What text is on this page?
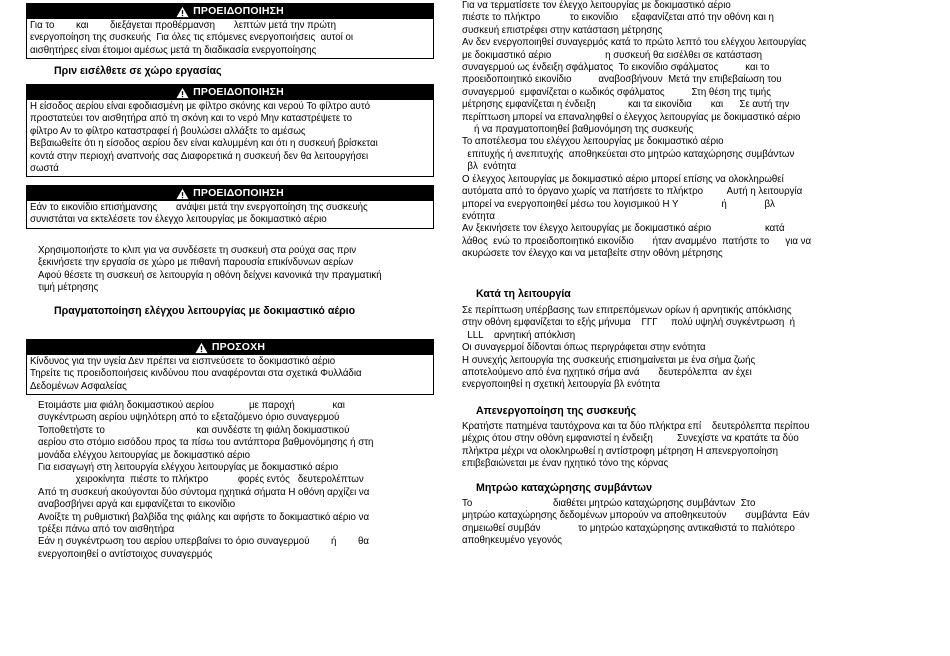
ΠΡΟΕΙΔΟΠΟΙΗΣΗ

Για το        και        διεξάγεται προθέρμανση       λεπτών μετά την πρώτη

ενεργοποίηση της συσκευής  Για όλες τις επόμενες ενεργοποιήσεις  αυτοί οι

αισθητήρες είναι έτοιμοι αμέσως μετά τη διαδικασία ενεργοποίησης

Πριν εισέλθετε σε χώρο εργασίας

ΠΡΟΕΙΔΟΠΟΙΗΣΗ

Η είσοδος αερίου είναι εφοδιασμένη με φίλτρο σκόνης και νερού Το φίλτρο αυτό

προστατεύει τον αισθητήρα από τη σκόνη και το νερό Μην καταστρέψετε το

φίλτρο Αν το φίλτρο καταστραφεί ή βουλώσει αλλάξτε το αμέσως

Βεβαιωθείτε ότι η είσοδος αερίου δεν είναι καλυμμένη και ότι η συσκευή βρίσκεται

κοντά στην περιοχή αναπνοής σας Διαφορετικά η συσκευή δεν θα λειτουργήσει

σωστά

ΠΡΟΕΙΔΟΠΟΙΗΣΗ

Εάν το εικονίδιο επισήμανσης       ανάψει μετά την ενεργοποίηση της συσκευής

συνιστάται να εκτελέσετε τον έλεγχο λειτουργίας με δοκιμαστικό αέριο

Χρησιμοποιήστε το κλιπ για να συνδέσετε τη συσκευή στα ρούχα σας πριν

ξεκινήσετε την εργασία σε χώρο με πιθανή παρουσία επικίνδυνων αερίων

Αφού θέσετε τη συσκευή σε λειτουργία η οθόνη δείχνει κανονικά την πραγματική

τιμή μέτρησης

Πραγματοποίηση ελέγχου λειτουργίας με δοκιμαστικό αέριο

ΠΡΟΣΟΧΗ

Κίνδυνος για την υγεία Δεν πρέπει να εισπνεύσετε το δοκιμαστικό αέριο

Τηρείτε τις προειδοποιήσεις κινδύνου που αναφέρονται στα σχετικά Φυλλάδια

Δεδομένων Ασφαλείας

Ετοιμάστε μια φιάλη δοκιμαστικού αερίου             με παροχή              και

συγκέντρωση αερίου υψηλότερη από το εξεταζόμενο όριο συναγερμού

Τοποθετήστε το                                  και συνδέστε τη φιάλη δοκιμαστικού

αερίου στο στόμιο εισόδου προς τα πίσω του αντάπτορα βαθμονόμησης ή στη

μονάδα ελέγχου λειτουργίας με δοκιμαστικό αέριο

Για εισαγωγή στη λειτουργία ελέγχου λειτουργίας με δοκιμαστικό αέριο

χειροκίνητα  πιέστε το πλήκτρο           φορές εντός   δευτερολέπτων

Από τη συσκευή ακούγονται δύο σύντομα ηχητικά σήματα Η οθόνη αρχίζει να

αναβοσβήνει αργά και εμφανίζεται το εικονίδιο

Ανοίξτε τη ρυθμιστική βαλβίδα της φιάλης και αφήστε το δοκιμαστικό αέριο να

τρέξει πάνω από τον αισθητήρα

Εάν η συγκέντρωση του αερίου υπερβαίνει το όριο συναγερμού        ή        θα

ενεργοποιηθεί ο αντίστοιχος συναγερμός

Για να τερματίσετε τον έλεγχο λειτουργίας με δοκιμαστικό αέριο

πιέστε το πλήκτρο           το εικονίδιο     εξαφανίζεται από την οθόνη και η

συσκευή επιστρέφει στην κατάσταση μέτρησης

Αν δεν ενεργοποιηθεί συναγερμός κατά το πρώτο λεπτό του ελέγχου λειτουργίας

με δοκιμαστικό αέριο                    η συσκευή θα εισέλθει σε κατάσταση

συναγερμού ως ένδειξη σφάλματος  Το εικονίδιο σφάλματος          και το

προειδοποιητικό εικονίδιο          αναβοσβήνουν  Μετά την επιβεβαίωση του

συναγερμού  εμφανίζεται ο κωδικός σφάλματος          Στη θέση της τιμής

μέτρησης εμφανίζεται η ένδειξη            και τα εικονίδια       και      Σε αυτή την

περίπτωση μπορεί να επαναληφθεί ο έλεγχος λειτουργίας με δοκιμαστικό αέριο

ή να πραγματοποιηθεί βαθμονόμηση της συσκευής

Το αποτέλεσμα του ελέγχου λειτουργίας με δοκιμαστικό αέριο

επιτυχής ή ανεπιτυχής  αποθηκεύεται στο μητρώο καταχώρησης συμβάντων

βλ  ενότητα

Ο έλεγχος λειτουργίας με δοκιμαστικό αέριο μπορεί επίσης να ολοκληρωθεί

αυτόματα από το όργανο χωρίς να πατήσετε το πλήκτρο         Αυτή η λειτουργία

μπορεί να ενεργοποιηθεί μέσω του λογισμικού Η Υ                ή              βλ

ενότητα

Αν ξεκινήσετε τον έλεγχο λειτουργίας με δοκιμαστικό αέριο                    κατά

λάθος  ενώ το προειδοποιητικό εικονίδιο       ήταν αναμμένο  πατήστε το      για να

ακυρώσετε τον έλεγχο και να μεταβείτε στην οθόνη μέτρησης

Κατά τη λειτουργία

Σε περίπτωση υπέρβασης των επιτρεπόμενων ορίων ή αρνητικής απόκλισης

στην οθόνη εμφανίζεται το εξής μήνυμα    ΓΓΓ     πολύ υψηλή συγκέντρωση  ή

LLL    αρνητική απόκλιση

Οι συναγερμοί δίδονται όπως περιγράφεται στην ενότητα

Η συνεχής λειτουργία της συσκευής επισημαίνεται με ένα σήμα ζωής

αποτελούμενο από ένα ηχητικό σήμα ανά       δευτερόλεπτα  αν έχει

ενεργοποιηθεί η σχετική λειτουργία βλ ενότητα

Απενεργοποίηση της συσκευής

Κρατήστε πατημένα ταυτόχρονα και τα δύο πλήκτρα επί    δευτερόλεπτα περίπου

μέχρις ότου στην οθόνη εμφανιστεί η ένδειξη         Συνεχίστε να κρατάτε τα δύο

πλήκτρα μέχρι να ολοκληρωθεί η αντίστροφη μέτρηση Η απενεργοποίηση

επιβεβαιώνεται με έναν ηχητικό τόνο της κόρνας

Μητρώο καταχώρησης συμβάντων

Το                              διαθέτει μητρώο καταχώρησης συμβάντων  Στο

μητρώο καταχώρησης δεδομένων μπορούν να αποθηκευτούν       συμβάντα  Εάν

σημειωθεί συμβάν              το μητρώο καταχώρησης αντικαθιστά το παλιότερο

αποθηκευμένο γεγονός
